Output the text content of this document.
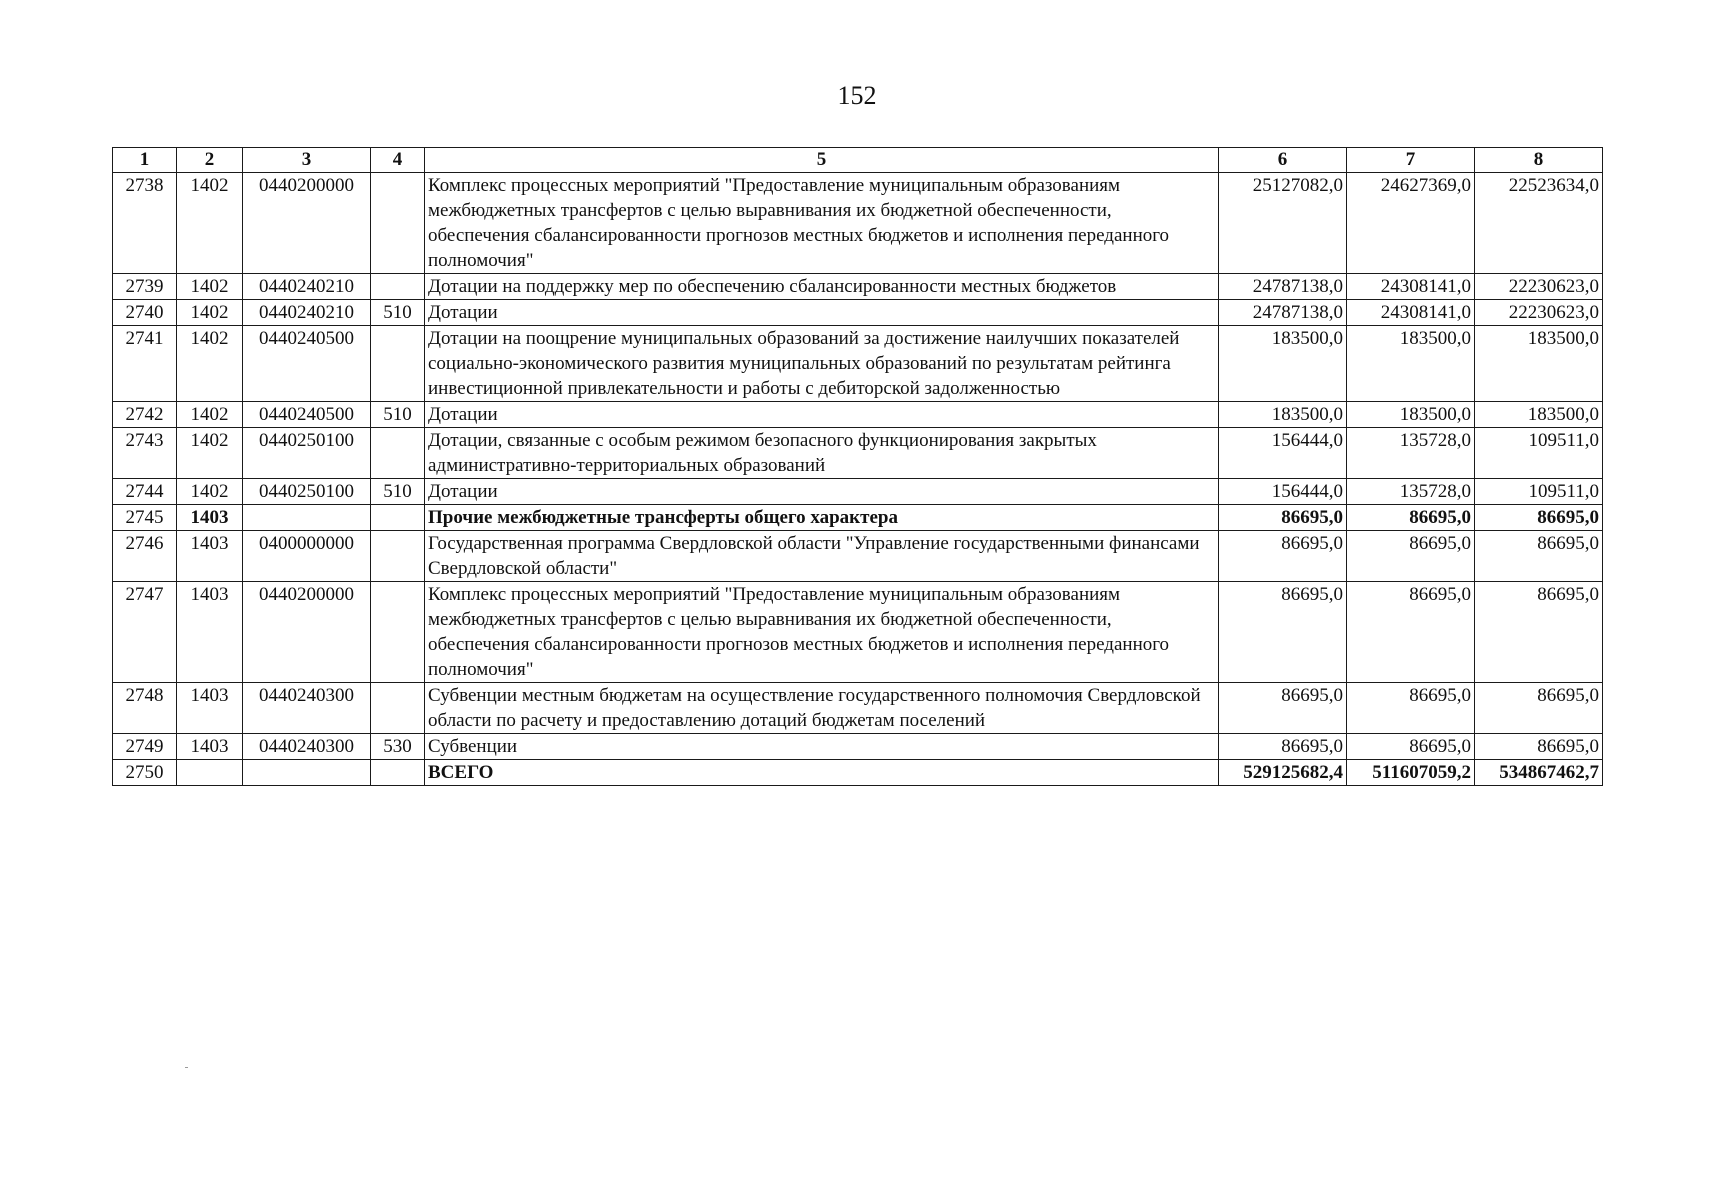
152
1	2	3	4	5	6	7	8
2738	1402	0440200000		Комплекс процессных мероприятий "Предоставление муниципальным образованиям межбюджетных трансфертов с целью выравнивания их бюджетной обеспеченности, обеспечения сбалансированности прогнозов местных бюджетов и исполнения переданного полномочия"	25127082,0	24627369,0	22523634,0
2739	1402	0440240210		Дотации на поддержку мер по обеспечению сбалансированности местных бюджетов	24787138,0	24308141,0	22230623,0
2740	1402	0440240210	510	Дотации	24787138,0	24308141,0	22230623,0
2741	1402	0440240500		Дотации на поощрение муниципальных образований за достижение наилучших показателей социально-экономического развития муниципальных образований по результатам рейтинга инвестиционной привлекательности и работы с дебиторской задолженностью	183500,0	183500,0	183500,0
2742	1402	0440240500	510	Дотации	183500,0	183500,0	183500,0
2743	1402	0440250100		Дотации, связанные с особым режимом безопасного функционирования закрытых административно-территориальных образований	156444,0	135728,0	109511,0
2744	1402	0440250100	510	Дотации	156444,0	135728,0	109511,0
2745	1403			Прочие межбюджетные трансферты общего характера	86695,0	86695,0	86695,0
2746	1403	0400000000		Государственная программа Свердловской области "Управление государственными финансами Свердловской области"	86695,0	86695,0	86695,0
2747	1403	0440200000		Комплекс процессных мероприятий "Предоставление муниципальным образованиям межбюджетных трансфертов с целью выравнивания их бюджетной обеспеченности, обеспечения сбалансированности прогнозов местных бюджетов и исполнения переданного полномочия"	86695,0	86695,0	86695,0
2748	1403	0440240300		Субвенции местным бюджетам на осуществление государственного полномочия Свердловской области по расчету и предоставлению дотаций бюджетам поселений	86695,0	86695,0	86695,0
2749	1403	0440240300	530	Субвенции	86695,0	86695,0	86695,0
2750				ВСЕГО	529125682,4	511607059,2	534867462,7
